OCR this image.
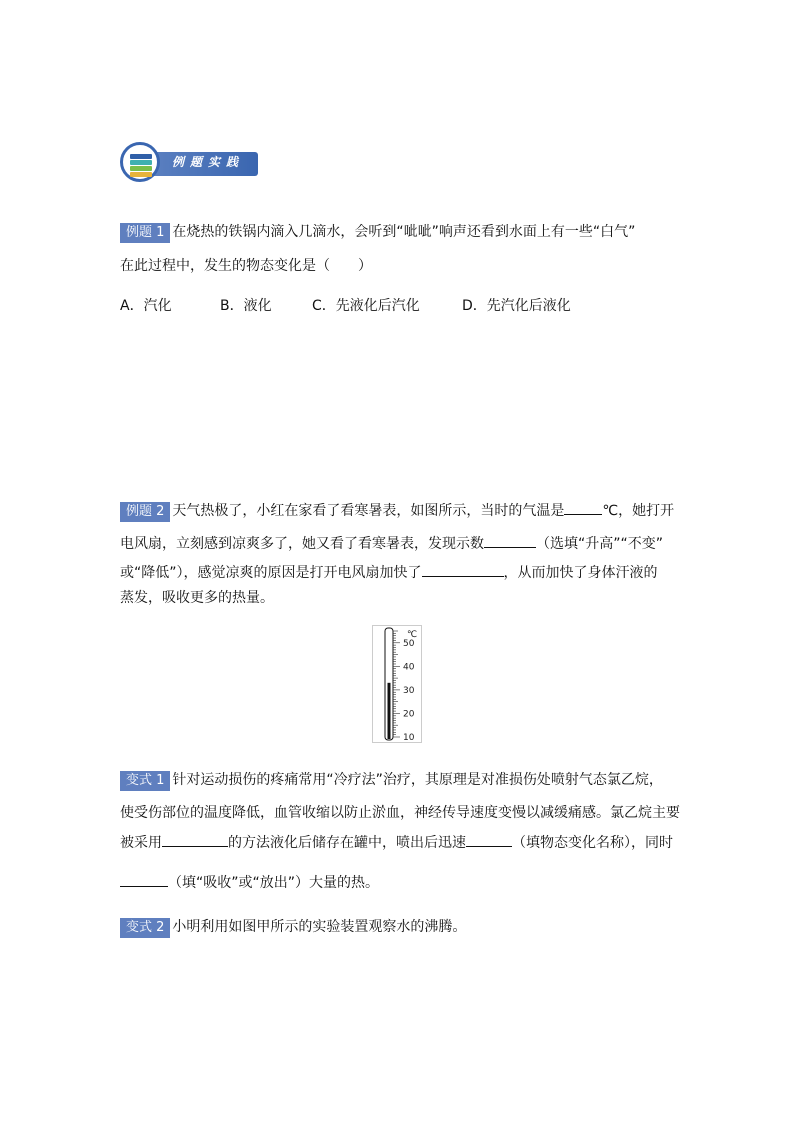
例题实践
例题 1 在烧热的铁锅内滴入几滴水，会听到“呲呲”响声还看到水面上有一些“白气”
在此过程中，发生的物态变化是（　　）
A．汽化	B．液化	C．先液化后汽化	D．先汽化后液化
例题 2 天气热极了，小红在家看了看寒暑表，如图所示，当时的气温是	℃，她打开
电风扇，立刻感到凉爽多了，她又看了看寒暑表，发现示数	（选填“升高”“不变”
或“降低”），感觉凉爽的原因是打开电风扇加快了	，从而加快了身体汗液的
蒸发，吸收更多的热量。
℃
50
40
30
20
10
变式 1 针对运动损伤的疼痛常用“冷疗法”治疗，其原理是对准损伤处喷射气态氯乙烷，
使受伤部位的温度降低，血管收缩以防止淤血，神经传导速度变慢以减缓痛感。氯乙烷主要
被采用	的方法液化后储存在罐中，喷出后迅速	（填物态变化名称），同时
（填“吸收”或“放出”）大量的热。
变式 2 小明利用如图甲所示的实验装置观察水的沸腾。
